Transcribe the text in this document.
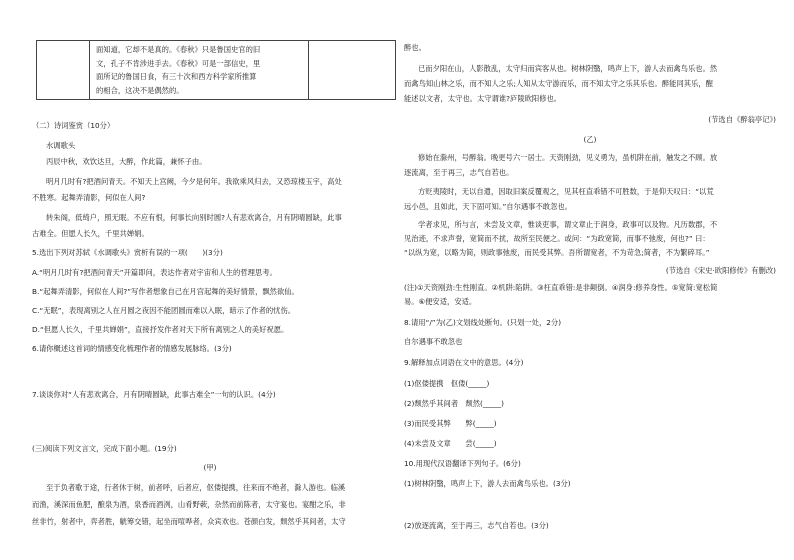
面知道，它却不是真的。《春秋》只是鲁国史官的旧
文，孔子不肯涉进手去。《春秋》可是一部信史，里
面所记的鲁国日食，有三十次和西方科学家所推算
的相合，这决不是偶然的。

（二）诗词鉴赏（10分）

水调歌头

丙辰中秋，欢饮达旦，大醉，作此篇，兼怀子由。

明月几时有?把酒问青天。不知天上宫阙，今夕是何年。我欲乘风归去，又恐琼楼玉宇，高处

不胜寒。起舞弄清影，何似在人间?

转朱阁，低绮户，照无眠。不应有恨，何事长向别时圆?人有悲欢离合，月有阴晴圆缺，此事

古难全。但愿人长久，千里共婵娟。

5.选出下列对苏轼《水调歌头》赏析有误的一项(　　)(3分)

A.“明月几时有?把酒问青天”开篇即问，表达作者对宇宙和人生的哲理思考。

B.“起舞弄清影，何似在人间?”写作者想象自己在月宫起舞的美好情景，飘然欲仙。

C.“无眠”，表现离别之人在月圆之夜因不能团圆而难以入眠，暗示了作者的忧伤。

D.“但愿人长久，千里共婵娟”，直接抒发作者对天下所有离别之人的美好祝愿。

6.请你概述这首词的情感变化梳理作者的情感发展脉络。(3分)

7.谈谈你对“人有悲欢离合，月有阴晴圆缺，此事古难全”一句的认识。(4分)

(三)阅读下列文言文，完成下面小题。(19分)

(甲)

至于负者歌于途，行者休于树，前者呼，后者应，伛偻提携，往来而不绝者，滁人游也。临溪

而渔，溪深而鱼肥，酿泉为酒，泉香而酒洌，山肴野蔌，杂然而前陈者，太守宴也。宴酣之乐，非

丝非竹，射者中，弈者胜，觥筹交错，起坐而喧哗者，众宾欢也。苍颜白发，颓然乎其间者，太守

醉也。

已而夕阳在山，人影散乱，太守归而宾客从也。树林阴翳，鸣声上下，游人去而禽鸟乐也。然

而禽鸟知山林之乐，而不知人之乐;人知从太守游而乐，而不知太守之乐其乐也。醉能同其乐，醒

能述以文者，太守也。太守谓谁?庐陵欧阳修也。

(节选自《醉翁亭记》)

(乙)

修始在滁州，号醉翁。晚更号六一居士。天资刚劲，见义勇为，虽机阱在前，触发之不顾。放

逐流离，至于再三，志气自若也。

方贬夷陵时，无以自遣，因取旧案反覆观之，见其枉直乖错不可胜数，于是仰天叹曰：“以荒

远小邑，且如此，天下固可知。”自尔遇事不敢忽也。

学者求见，所与言，未尝及文章，惟谈吏事，谓文章止于润身，政事可以及物。凡历数郡，不

见治迹，不求声誉，宽简而不扰，故所至民便之。或问：“为政宽简，而事不弛废，何也?” 曰：

“以纵为宽，以略为简，则政事弛废，而民受其弊。吾所谓宽者，不为苛急;简者，不为繁碎耳。”

(节选自《宋史·欧阳修传》有删改)

(注)①天资刚劲:生性刚直。②机阱:陷阱。③枉直乖错:是非颠倒。④润身:修养身性。⑤宽简:宽松简

易。⑥便安适，安适。

8.请用“/”为(乙)文划线处断句。(只划一处，2分)

自尔遇事不敢忽也

9.解释加点词语在文中的意思。(4分)

(1)伛偻提携　伛偻(_____)

(2)颓然乎其间者　颓然(_____)

(3)而民受其弊　　弊(_____)

(4)未尝及文章　　尝(_____)

10.用现代汉语翻译下列句子。(6分)

(1)树林阴翳，鸣声上下，游人去而禽鸟乐也。(3分)

(2)放逐流离，至于再三，志气自若也。(3分)
